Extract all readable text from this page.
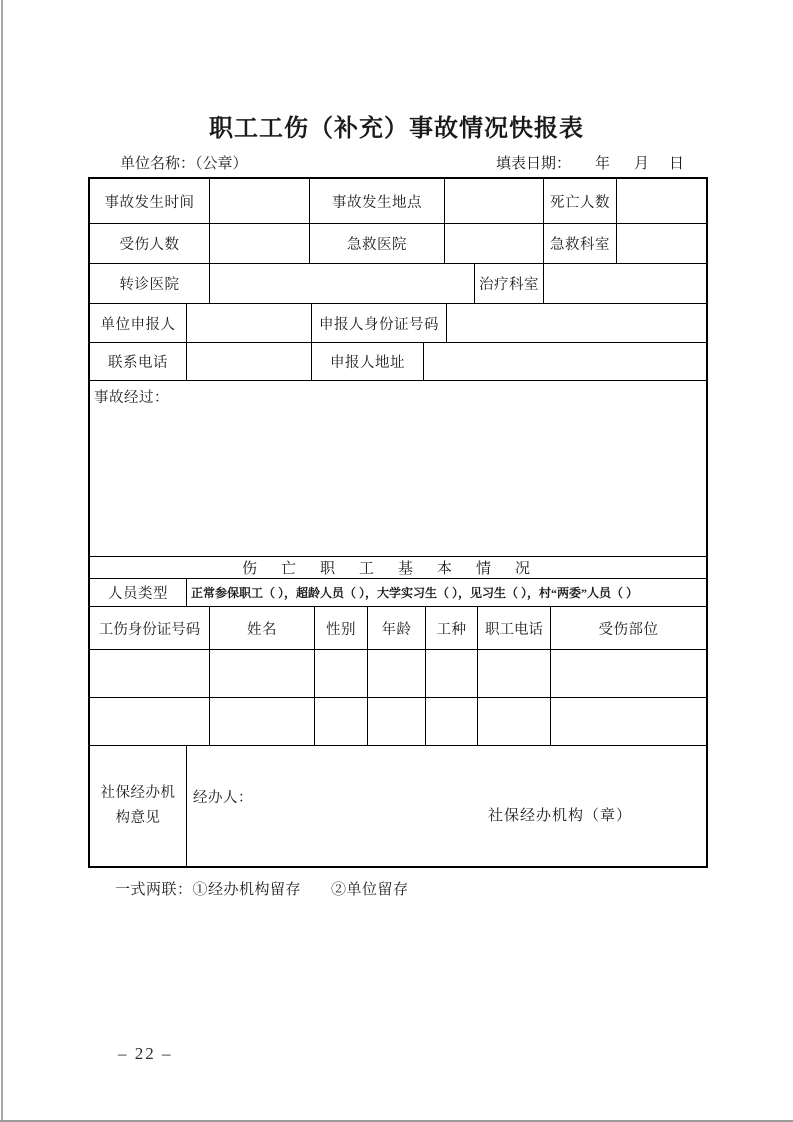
职工工伤（补充）事故情况快报表
单位名称：（公章）	填表日期： 年 月 日
事故发生时间	事故发生地点	死亡人数
受伤人数	急救医院	急救科室
转诊医院	治疗科室
单位申报人	申报人身份证号码
联系电话	申报人地址
事故经过：
伤亡职工基本情况
人员类型	正常参保职工（ ），超龄人员（ ），大学实习生（ ），见习生（ ），村“两委”人员（ ）
工伤身份证号码	姓名	性别	年龄	工种	职工电话	受伤部位
社保经办机构意见
经办人：
社保经办机构（章）
一式两联：①经办机构留存 ②单位留存
– 22 –
